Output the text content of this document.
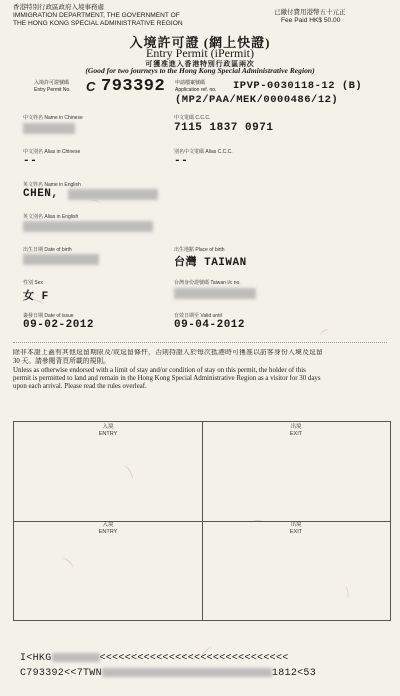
香港特別行政區政府入境事務處
IMMIGRATION DEPARTMENT, THE GOVERNMENT OF
THE HONG KONG SPECIAL ADMINISTRATIVE REGION
已繳付費用港幣五十元正
Fee Paid HK$ 50.00
入境許可證 (網上快證)
Entry Permit (iPermit)
可獲准進入香港特別行政區兩次
(Good for two journeys to the Hong Kong Special Administrative Region)
入境許可證號碼
Entry Permit No. C 793392 申請檔案號碼
Application ref. no. IPVP-0030118-12 (B)
(MP2/PAA/MEK/0000486/12)
中文姓名 Name in Chinese	中文電碼 C.C.C.
7115 1837 0971
中文別名 Alias in Chinese
--
別名中文電碼 Alias C.C.C.
--
英文姓名 Name in English
CHEN,
英文別名 Alias in English
出生日期 Date of birth	出生地點 Place of birth
台灣 TAIWAN
性別 Sex
女 F
台灣身份證號碼 Taiwan i/c no.
簽發日期 Date of issue
09-02-2012
有效日期至 Valid until
09-04-2012
除非本證上蓋有其他逗留期限及/或逗留條件，否則持證人於每次抵港時可獲准以訪客身份入境及逗留
30 天。請參閱背頁所載的規則。
Unless as otherwise endorsed with a limit of stay and/or condition of stay on this permit, the holder of this
permit is permitted to land and remain in the Hong Kong Special Administrative Region as a visitor for 30 days
upon each arrival. Please read the rules overleaf.
入境
ENTRY
出境
EXIT
入境
ENTRY
出境
EXIT
I<HKG	<<<<<<<<<<<<<<<<<<<<<<<<<<<<<<
C793392<<7TWN	1812<53
